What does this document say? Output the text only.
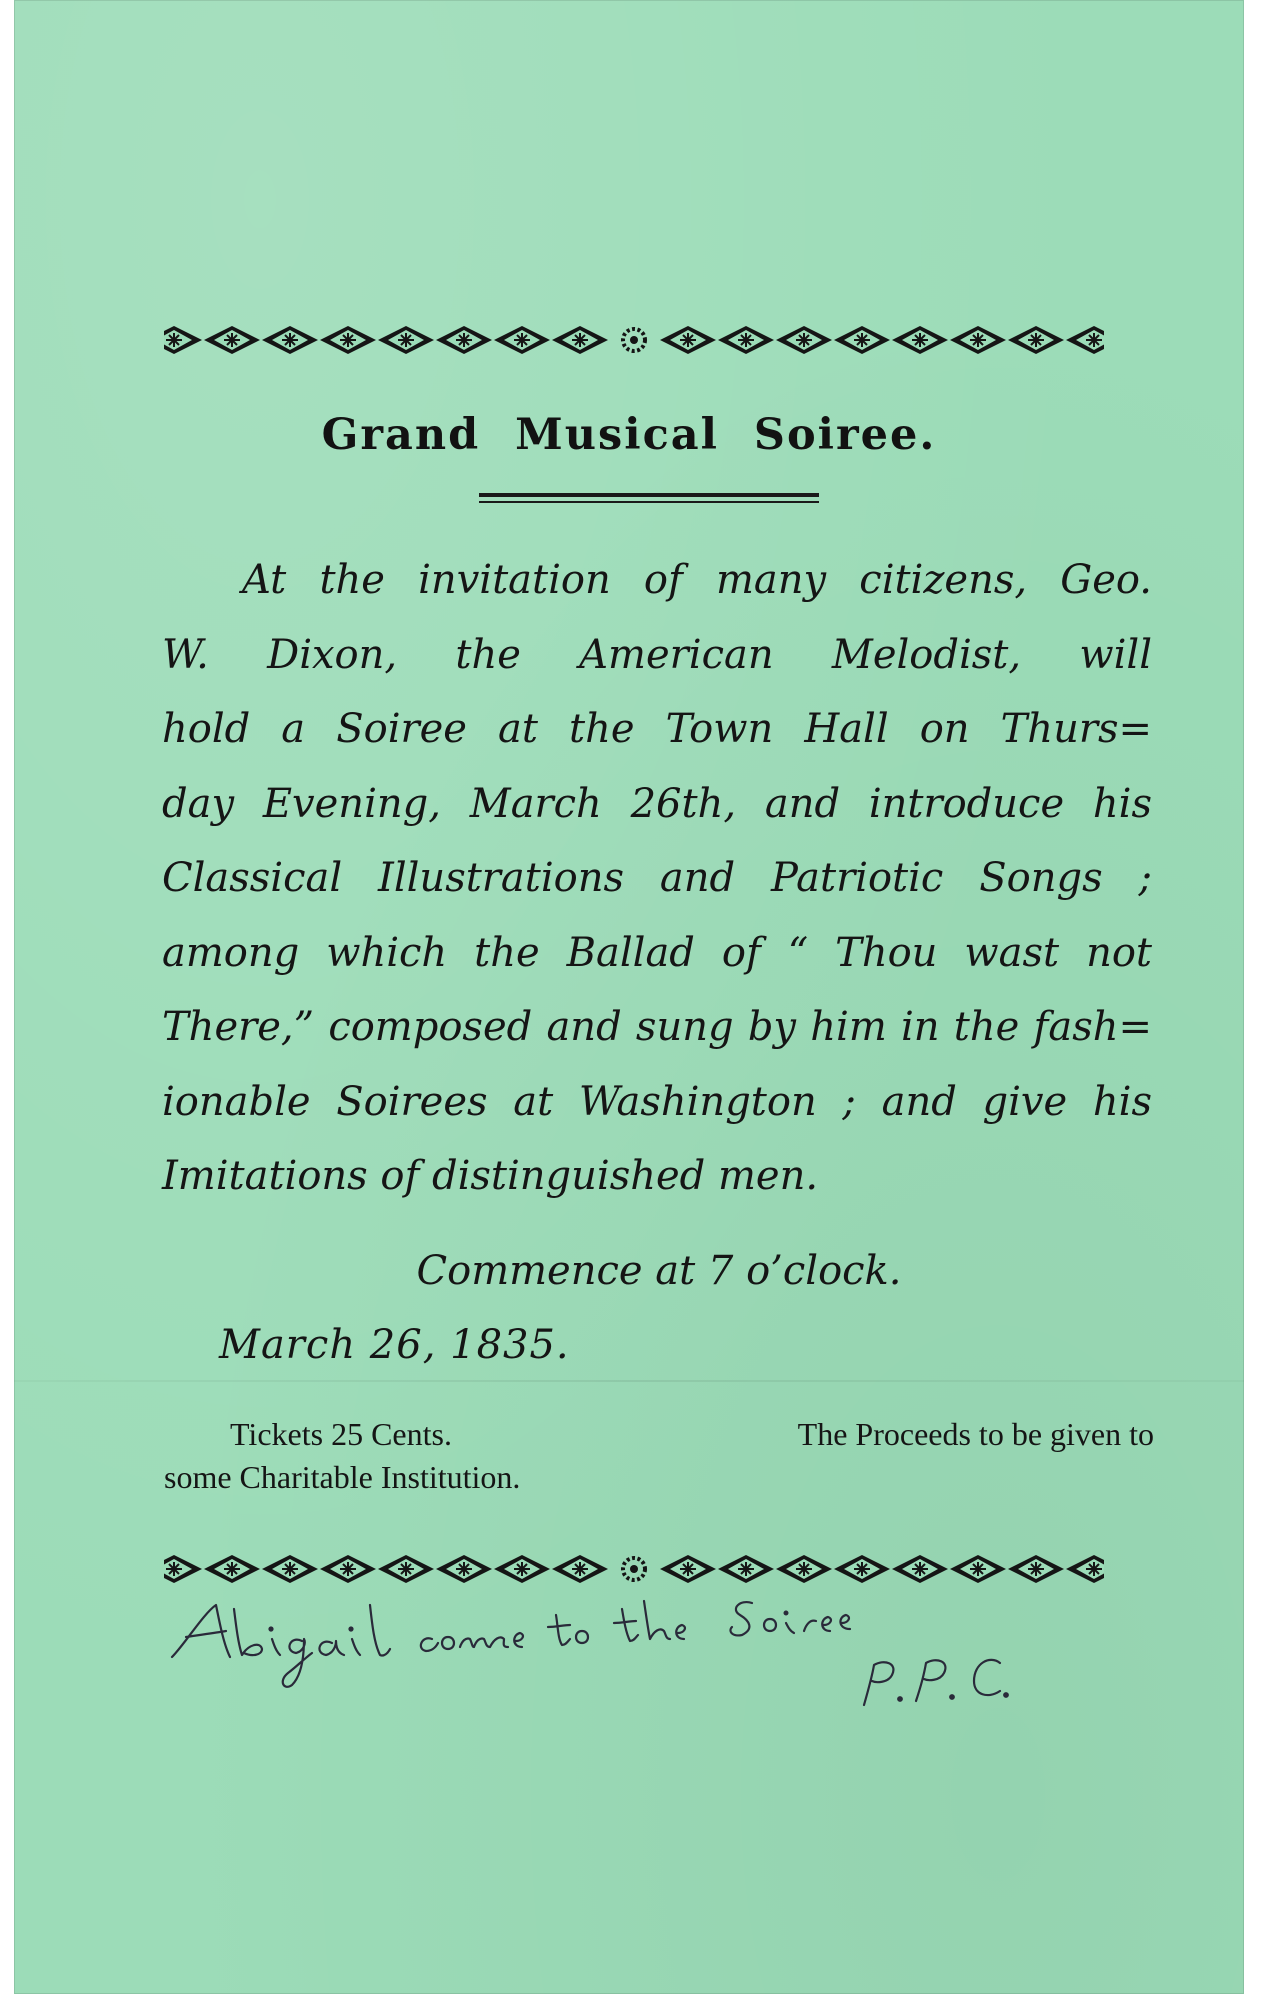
Grand Musical Soiree.
At the invitation of many citizens, Geo.
W. Dixon, the American Melodist, will
hold a Soiree at the Town Hall on Thurs=
day Evening, March 26th, and introduce his
Classical Illustrations and Patriotic Songs ;
among which the Ballad of “ Thou wast not
There,” composed and sung by him in the fash=
ionable Soirees at Washington ; and give his
Imitations of distinguished men.
Commence at 7 o’clock.
March 26, 1835.
Tickets 25 Cents.	The Proceeds to be given to
some Charitable Institution.
